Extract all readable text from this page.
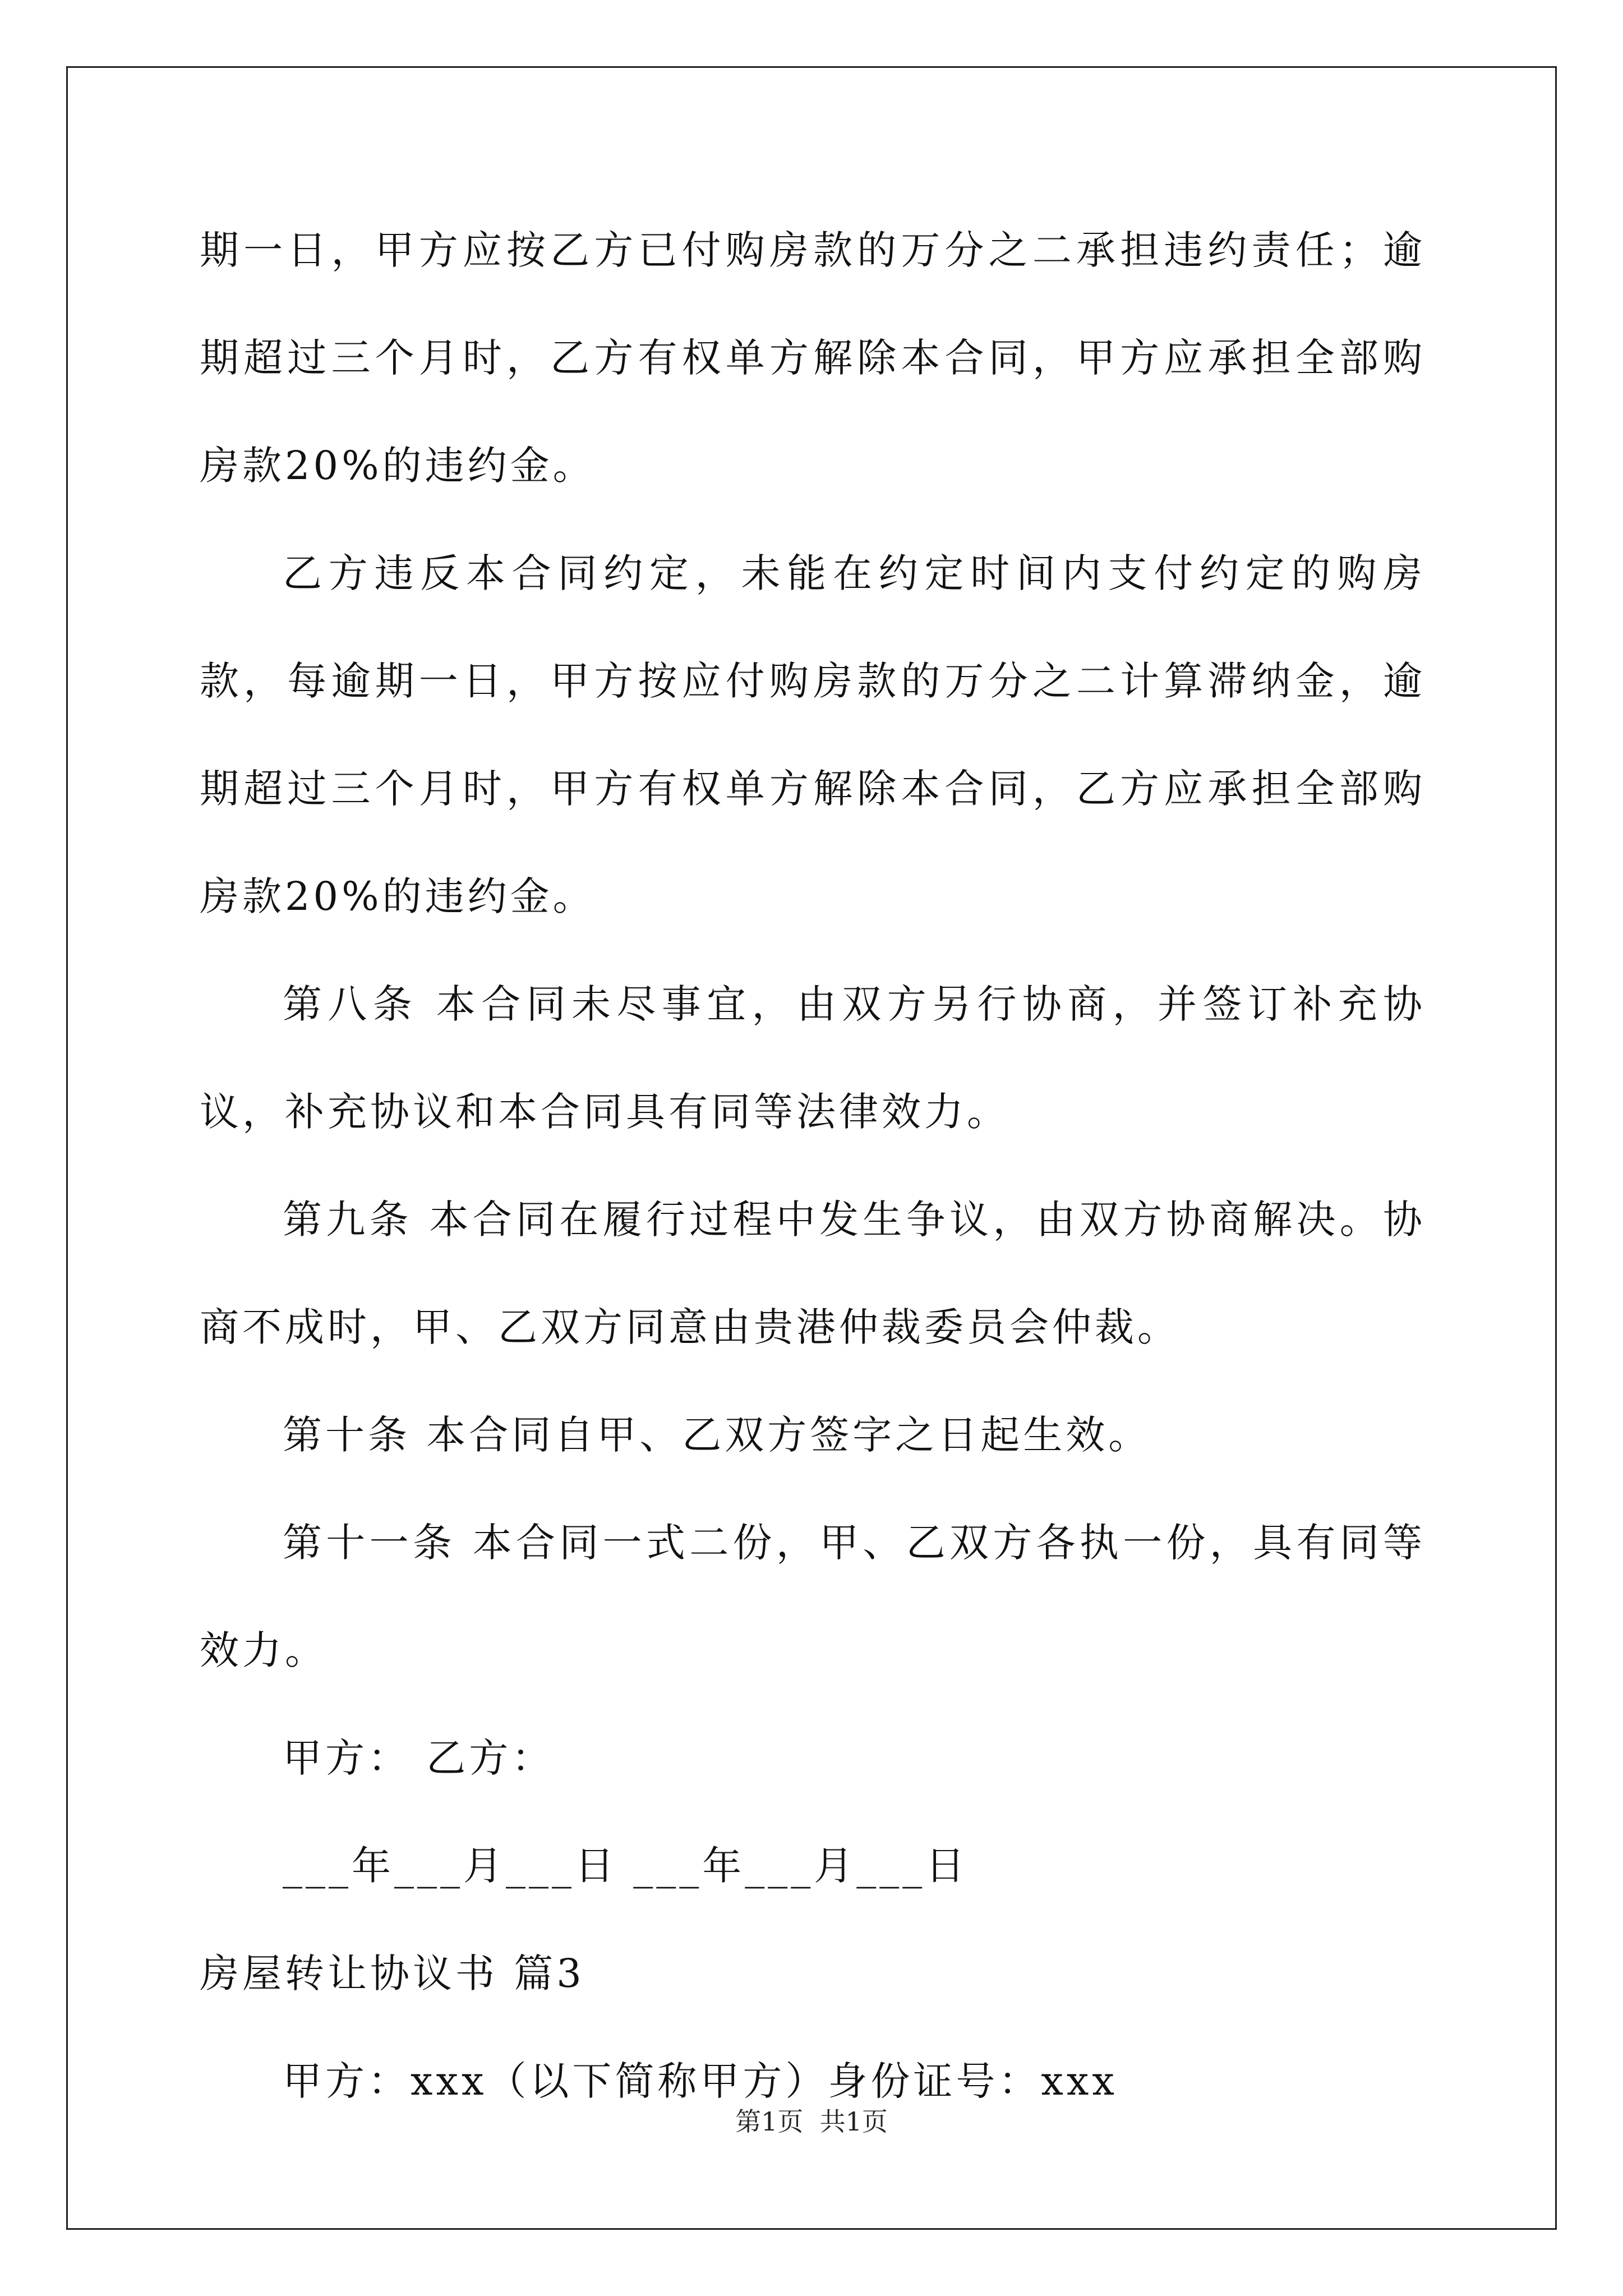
期一日，甲方应按乙方已付购房款的万分之二承担违约责任；逾期超过三个月时，乙方有权单方解除本合同，甲方应承担全部购房款20%的违约金。

乙方违反本合同约定，未能在约定时间内支付约定的购房款，每逾期一日，甲方按应付购房款的万分之二计算滞纳金，逾期超过三个月时，甲方有权单方解除本合同，乙方应承担全部购房款20%的违约金。

第八条 本合同未尽事宜，由双方另行协商，并签订补充协议，补充协议和本合同具有同等法律效力。

第九条 本合同在履行过程中发生争议，由双方协商解决。协商不成时，甲、乙双方同意由贵港仲裁委员会仲裁。

第十条 本合同自甲、乙双方签字之日起生效。

第十一条 本合同一式二份，甲、乙双方各执一份，具有同等效力。

甲方： 乙方：

___年___月___日 ___年___月___日

房屋转让协议书 篇3

甲方：xxx（以下简称甲方）身份证号：xxx

第1页  共1页
